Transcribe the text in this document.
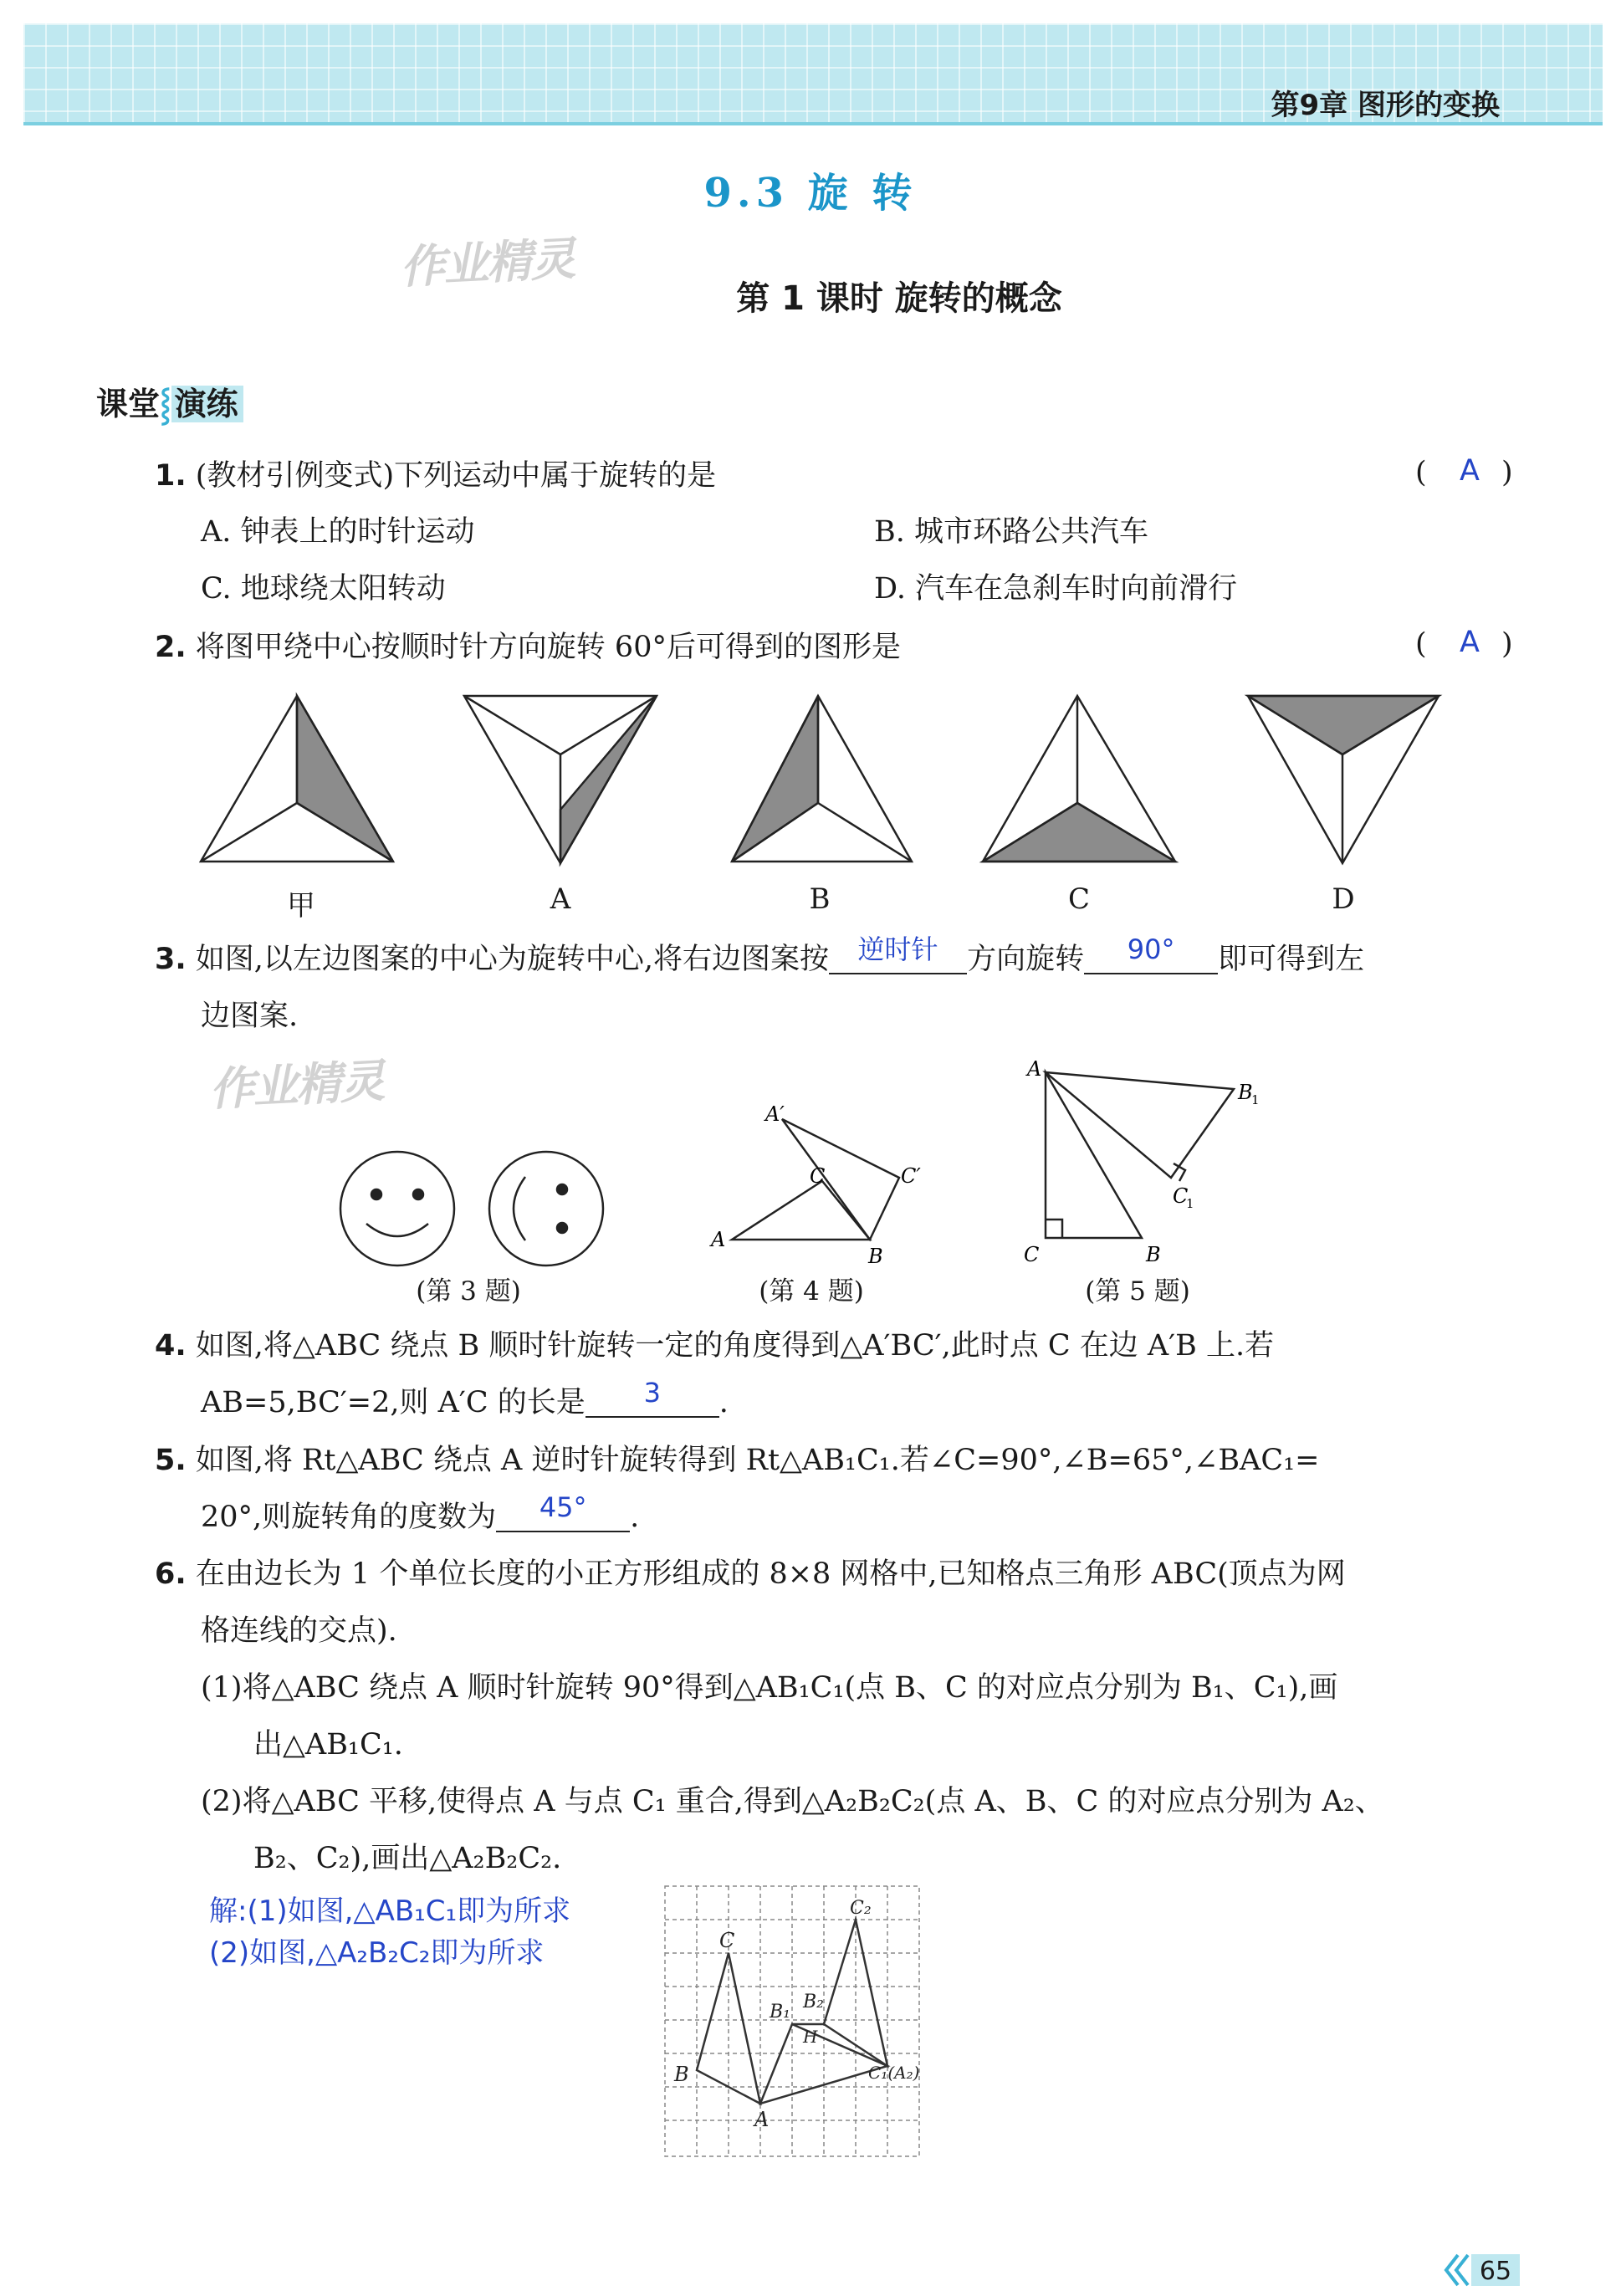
第9章 图形的变换
9.3 旋 转
作业精灵
第 1 课时 旋转的概念
课堂⸾ 演练
1. (教材引例变式)下列运动中属于旋转的是	( A )
A. 钟表上的时针运动	B. 城市环路公共汽车
C. 地球绕太阳转动	D. 汽车在急刹车时向前滑行
2. 将图甲绕中心按顺时针方向旋转 60°后可得到的图形是	( A )
甲	A	B	C	D
3. 如图,以左边图案的中心为旋转中心,将右边图案按 逆时针 方向旋转 90° 即可得到左
边图案.
作业精灵
A
A′
C	C′
B
A
B
1
C
1
C	B
(第 3 题)	(第 4 题)	(第 5 题)
4. 如图,将△ABC 绕点 B 顺时针旋转一定的角度得到△A′BC′,此时点 C 在边 A′B 上.若
AB=5,BC′=2,则 A′C 的长是 3 .
5. 如图,将 Rt△ABC 绕点 A 逆时针旋转得到 Rt△AB₁C₁.若∠C=90°,∠B=65°,∠BAC₁=
20°,则旋转角的度数为 45° .
6. 在由边长为 1 个单位长度的小正方形组成的 8×8 网格中,已知格点三角形 ABC(顶点为网
格连线的交点).
(1)将△ABC 绕点 A 顺时针旋转 90°得到△AB₁C₁(点 B、C 的对应点分别为 B₁、C₁),画
出△AB₁C₁.
(2)将△ABC 平移,使得点 A 与点 C₁ 重合,得到△A₂B₂C₂(点 A、B、C 的对应点分别为 A₂、
B₂、C₂),画出△A₂B₂C₂.
解:(1)如图,△AB₁C₁即为所求
(2)如图,△A₂B₂C₂即为所求	C
B
A
B₁ B₂
H
C₂
C₁(A₂)
65
